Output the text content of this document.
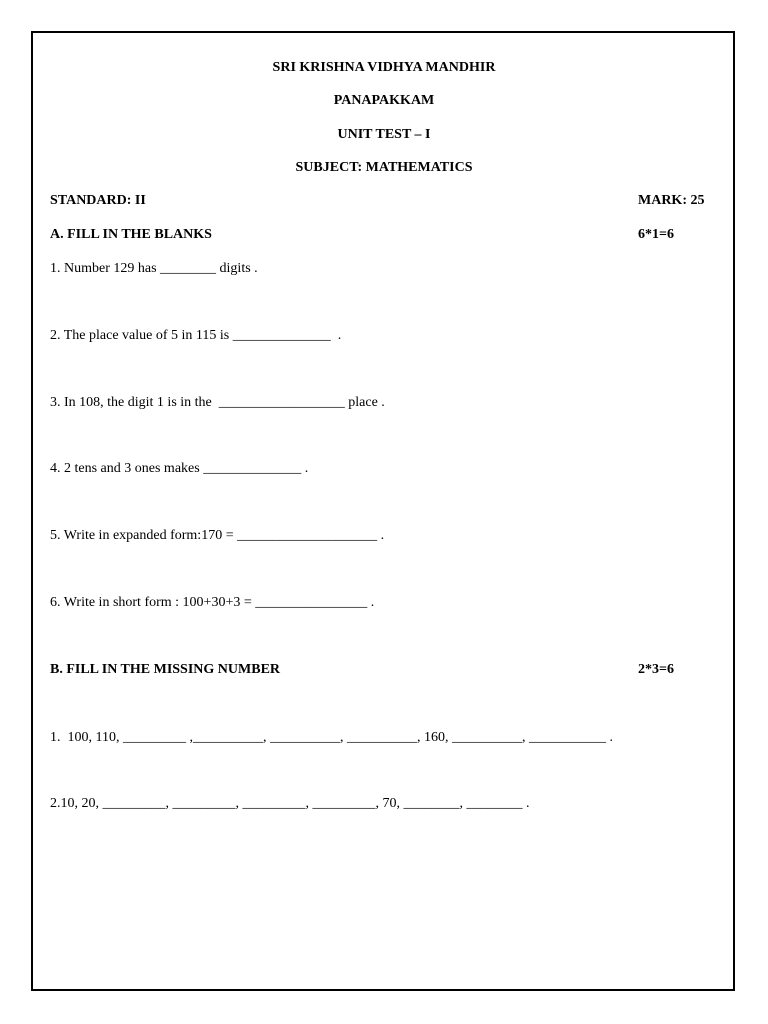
SRI KRISHNA VIDHYA MANDHIR
PANAPAKKAM
UNIT TEST – I
SUBJECT: MATHEMATICS
STANDARD: II	MARK: 25
A. FILL IN THE BLANKS	6*1=6
1. Number 129 has ________ digits .
2. The place value of 5 in 115 is ______________  .
3. In 108, the digit 1 is in the  __________________ place .
4. 2 tens and 3 ones makes ______________ .
5. Write in expanded form:170 = ____________________ .
6. Write in short form : 100+30+3 = ________________ .
B. FILL IN THE MISSING NUMBER	2*3=6
1.  100, 110, _________ ,__________, __________, __________, 160, __________, ___________ .
2.10, 20, _________, _________, _________, _________, 70, ________, ________ .
